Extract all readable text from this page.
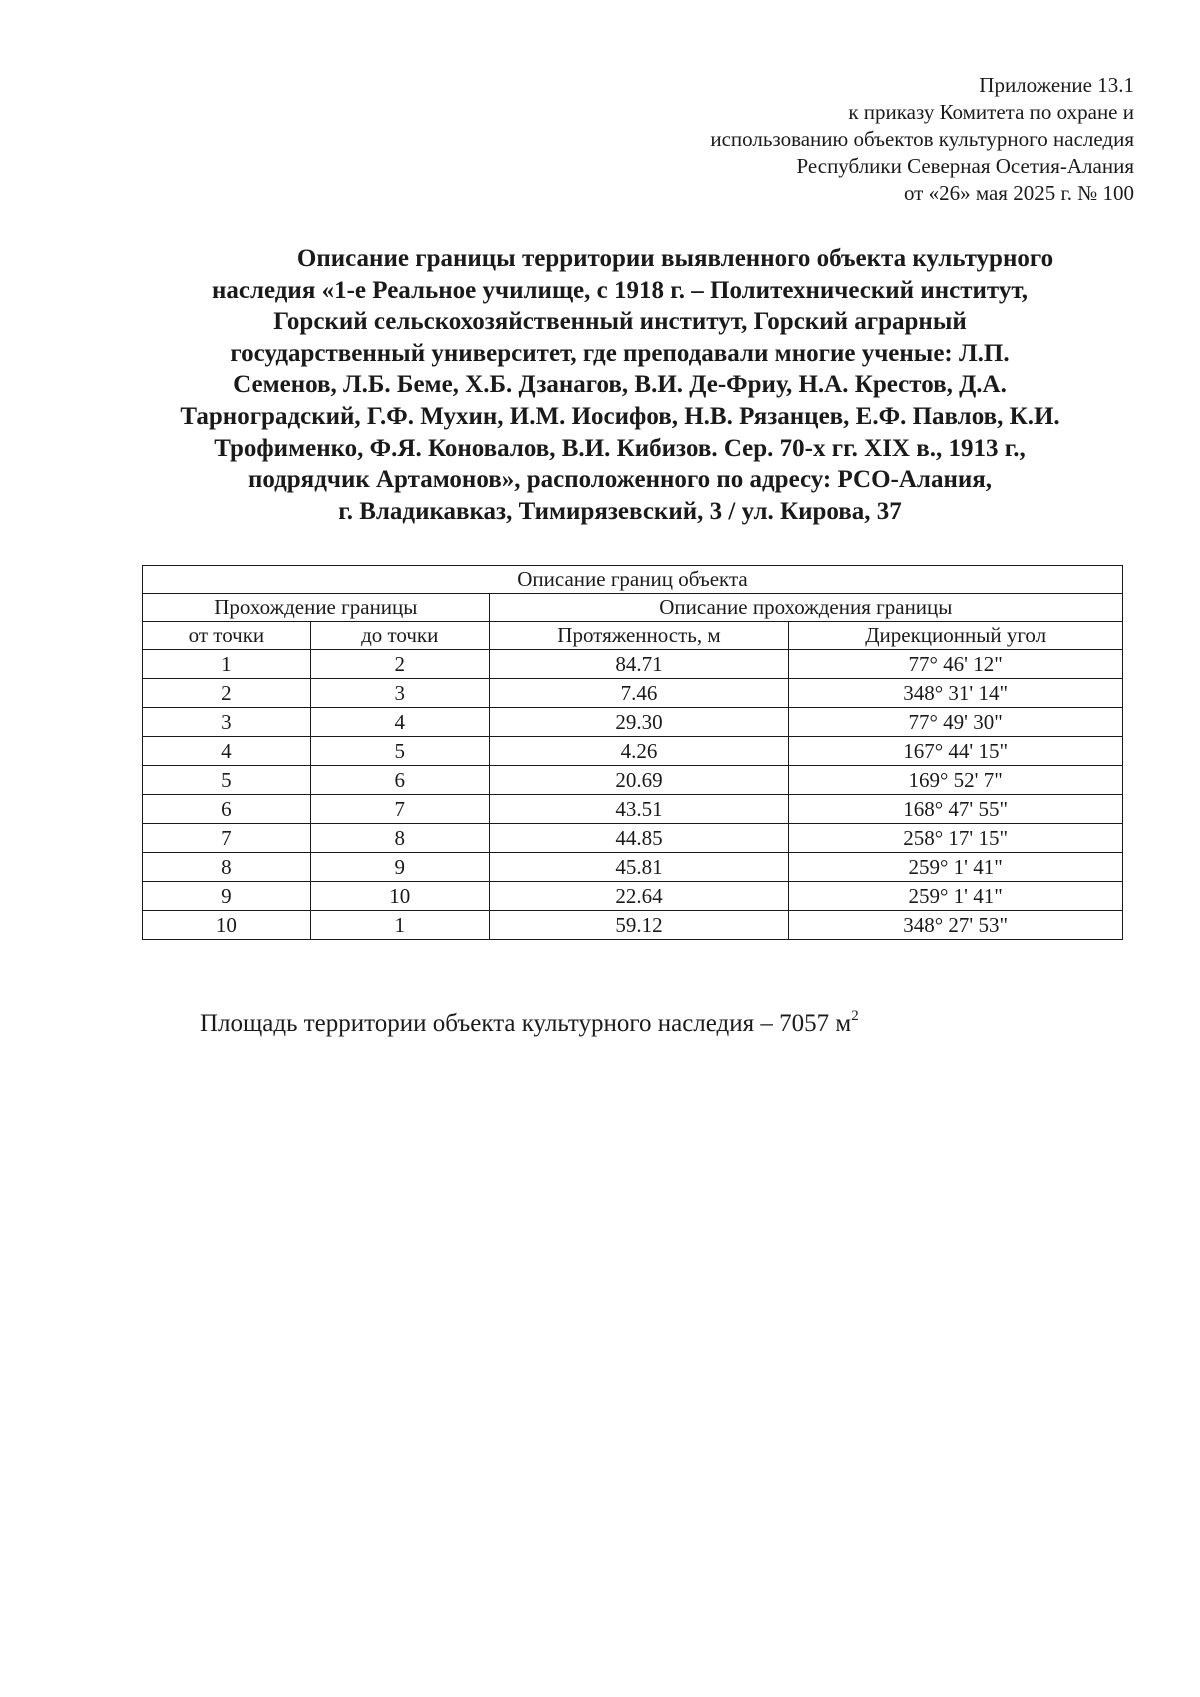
Приложение 13.1
к приказу Комитета по охране и
использованию объектов культурного наследия
Республики Северная Осетия-Алания
от «26» мая 2025 г. № 100
Описание границы территории выявленного объекта культурного
наследия «1-е Реальное училище, с 1918 г. – Политехнический институт,
Горский сельскохозяйственный институт, Горский аграрный
государственный университет, где преподавали многие ученые: Л.П.
Семенов, Л.Б. Беме, Х.Б. Дзанагов, В.И. Де-Фриу, Н.А. Крестов, Д.А.
Тарноградский, Г.Ф. Мухин, И.М. Иосифов, Н.В. Рязанцев, Е.Ф. Павлов, К.И.
Трофименко, Ф.Я. Коновалов, В.И. Кибизов. Сер. 70-х гг. XIX в., 1913 г.,
подрядчик Артамонов», расположенного по адресу: РСО-Алания,
г. Владикавказ, Тимирязевский, 3 / ул. Кирова, 37
Описание границ объекта			
Прохождение границы		Описание прохождения границы	
от точки	до точки	Протяженность, м	Дирекционный угол
1	2	84.71	77° 46' 12"
2	3	7.46	348° 31' 14"
3	4	29.30	77° 49' 30"
4	5	4.26	167° 44' 15"
5	6	20.69	169° 52' 7"
6	7	43.51	168° 47' 55"
7	8	44.85	258° 17' 15"
8	9	45.81	259° 1' 41"
9	10	22.64	259° 1' 41"
10	1	59.12	348° 27' 53"
Площадь территории объекта культурного наследия – 7057 $м^2$
